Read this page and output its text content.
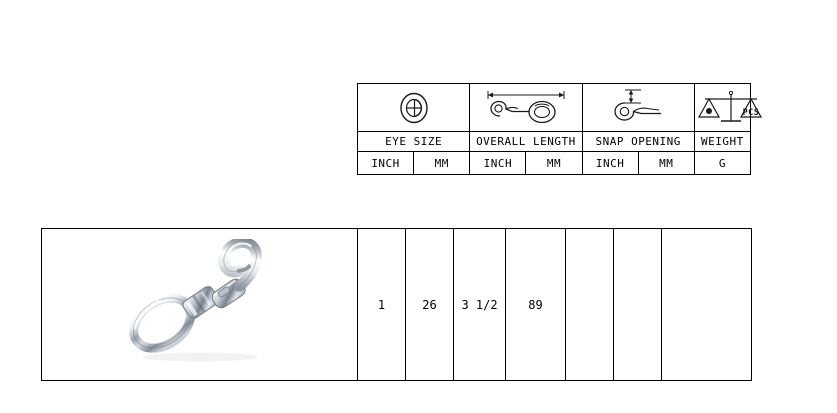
PCS

EYE SIZE		OVERALL LENGTH		SNAP OPENING		WEIGHT
INCH	MM	INCH	MM	INCH	MM	G
	1	26	3 1/2	89			
